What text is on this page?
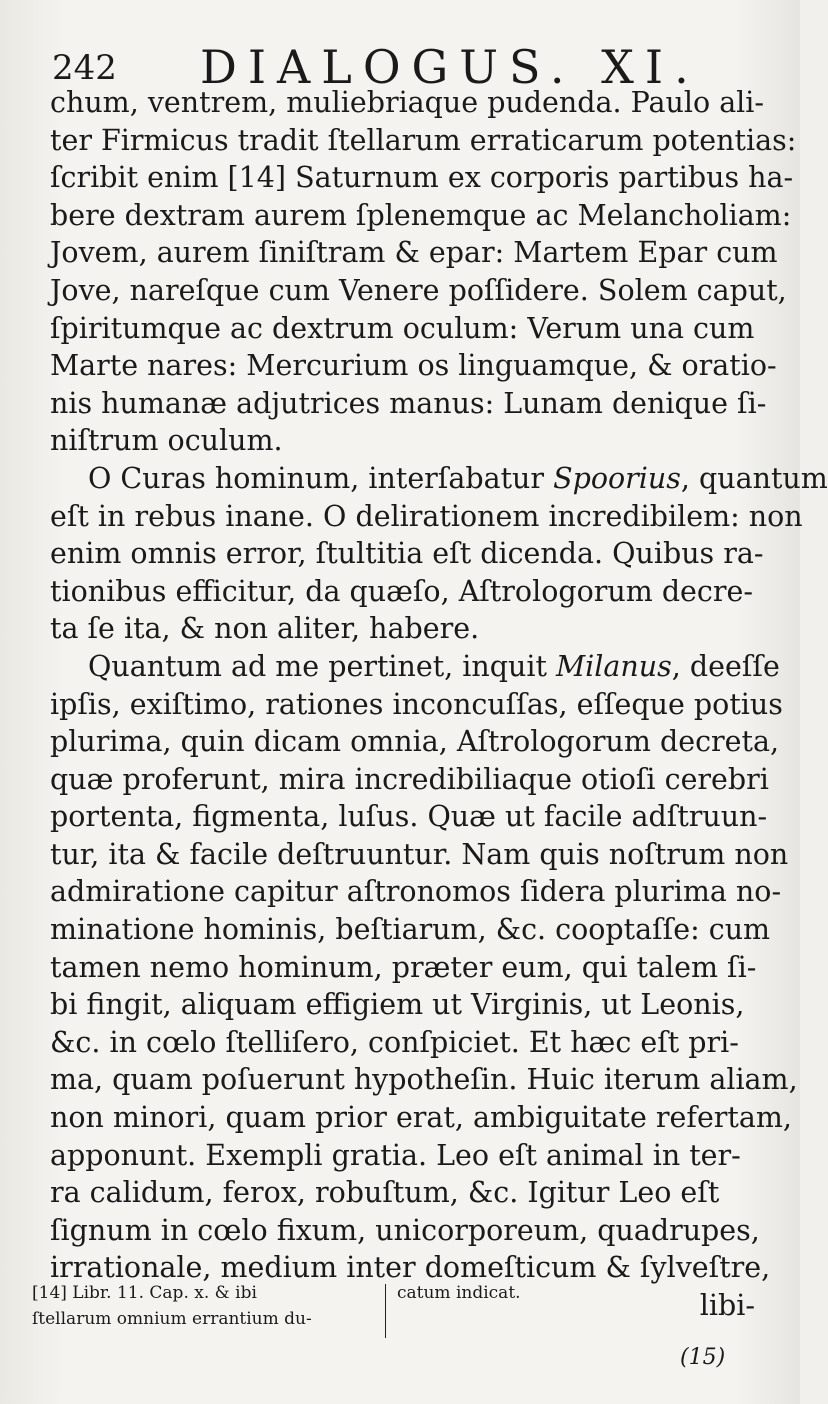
242 DIALOGUS. XI.
chum, ventrem, muliebriaque pudenda. Paulo ali-
ter Firmicus tradit ſtellarum erraticarum potentias:
ſcribit enim [14] Saturnum ex corporis partibus ha-
bere dextram aurem ſplenemque ac Melancholiam:
Jovem, aurem ſiniſtram & epar: Martem Epar cum
Jove, nareſque cum Venere poſſidere. Solem caput,
ſpiritumque ac dextrum oculum: Verum una cum
Marte nares: Mercurium os linguamque, & oratio-
nis humanæ adjutrices manus: Lunam denique ſi-
niſtrum oculum.
O Curas hominum, interſabatur Spoorius, quantum
eſt in rebus inane. O delirationem incredibilem: non
enim omnis error, ſtultitia eſt dicenda. Quibus ra-
tionibus efficitur, da quæſo, Aſtrologorum decre-
ta ſe ita, & non aliter, habere.
Quantum ad me pertinet, inquit Milanus, deeſſe
ipſis, exiſtimo, rationes inconcuſſas, eſſeque potius
plurima, quin dicam omnia, Aſtrologorum decreta,
quæ proferunt, mira incredibiliaque otioſi cerebri
portenta, figmenta, luſus. Quæ ut facile adſtruun-
tur, ita & facile deſtruuntur. Nam quis noſtrum non
admiratione capitur aſtronomos ſidera plurima no-
minatione hominis, beſtiarum, &c. cooptaſſe: cum
tamen nemo hominum, præter eum, qui talem ſi-
bi fingit, aliquam effigiem ut Virginis, ut Leonis,
&c. in cœlo ſtelliſero, conſpiciet. Et hæc eſt pri-
ma, quam poſuerunt hypotheſin. Huic iterum aliam,
non minori, quam prior erat, ambiguitate refertam,
apponunt. Exempli gratia. Leo eſt animal in ter-
ra calidum, ferox, robuſtum, &c. Igitur Leo eſt
ſignum in cœlo fixum, unicorporeum, quadrupes,
irrationale, medium inter domeſticum & ſylveſtre,
libi-
[14] Libr. 11. Cap. x. & ibi
ſtellarum omnium errantium du-
catum indicat.
(15)
